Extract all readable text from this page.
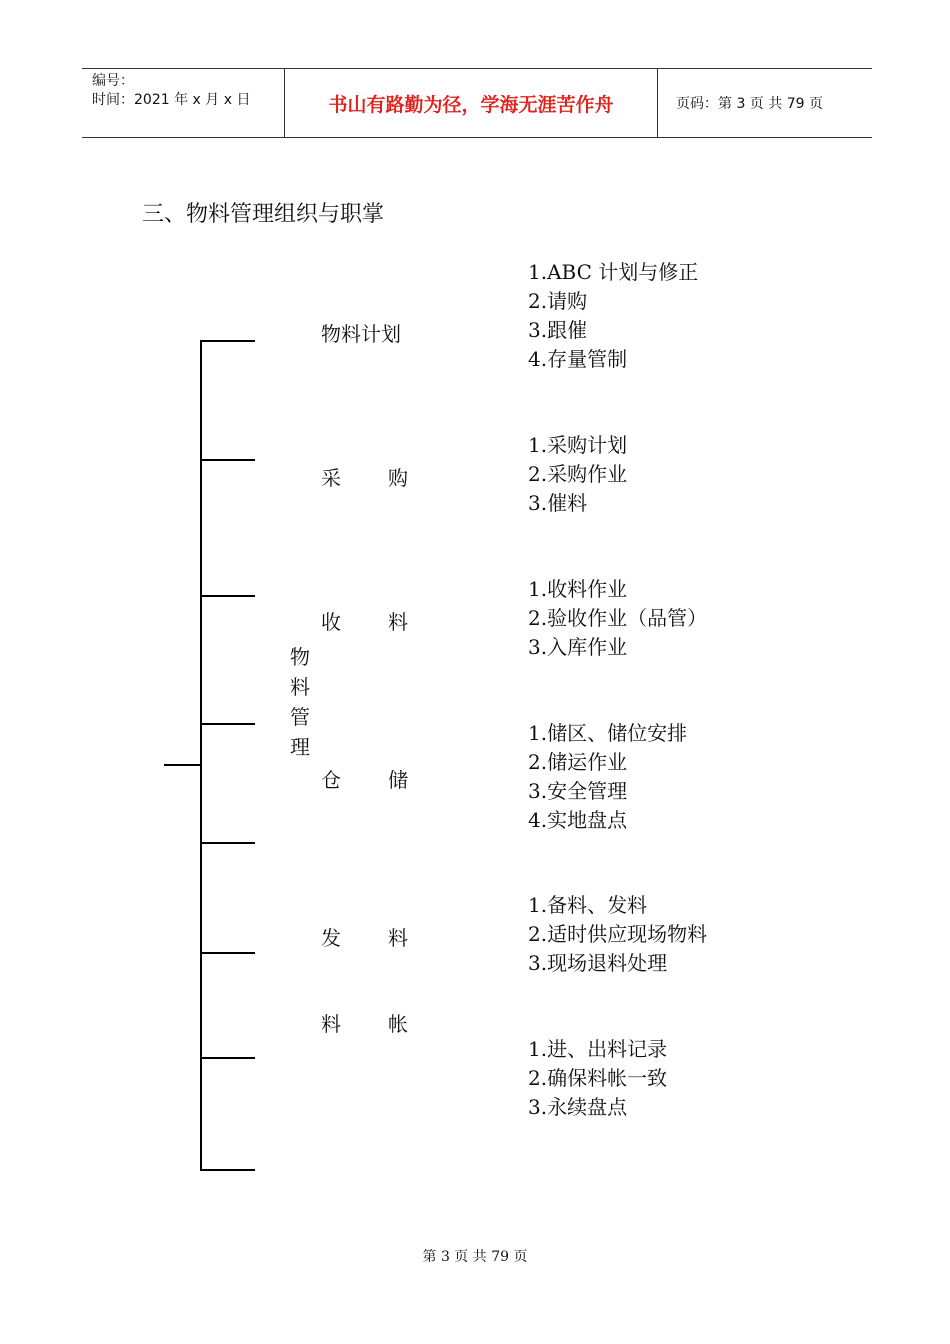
编号：
时间：2021 年 x 月 x 日	书山有路勤为径，学海无涯苦作舟	页码：第 3 页 共 79 页
三、物料管理组织与职掌
物
料
管
理
物料计划
采 购
收 料
仓 储
发 料
料 帐
1.ABC 计划与修正
2.请购
3.跟催
4.存量管制
1.采购计划
2.采购作业
3.催料
1.收料作业
2.验收作业（品管）
3.入库作业
1.储区、储位安排
2.储运作业
3.安全管理
4.实地盘点
1.备料、发料
2.适时供应现场物料
3.现场退料处理
1.进、出料记录
2.确保料帐一致
3.永续盘点
第 3 页 共 79 页
